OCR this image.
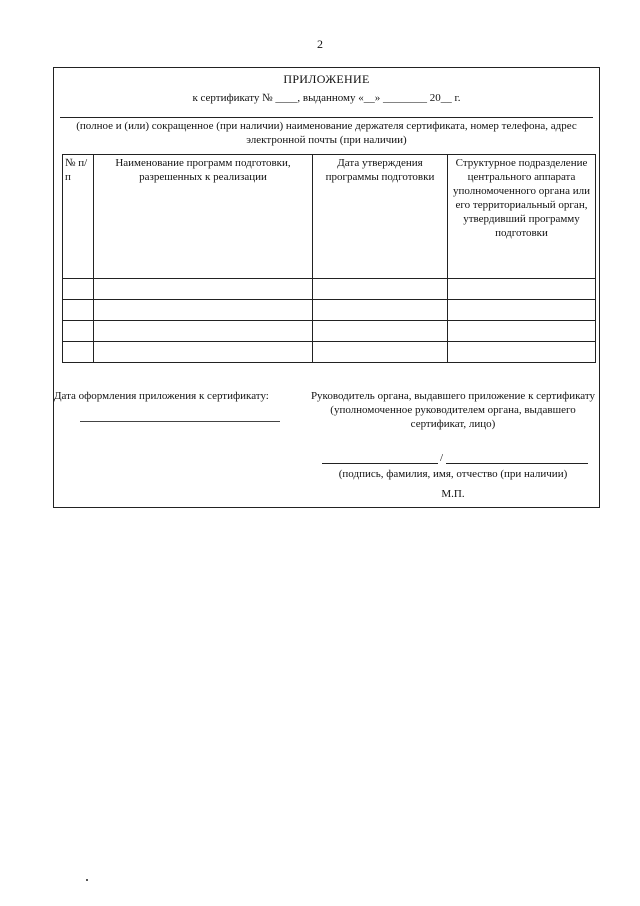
2
ПРИЛОЖЕНИЕ
к сертификату № ____, выданному «__» ________ 20__ г.
(полное и (или) сокращенное (при наличии) наименование держателя сертификата, номер телефона, адрес электронной почты (при наличии)
№ п/п	Наименование программ подготовки, разрешенных к реализации	Дата утверждения программы подготовки	Структурное подразделение центрального аппарата уполномоченного органа или его территориальный орган, утвердивший программу подготовки

Дата оформления приложения к сертификату:	Руководитель органа, выдавшего приложение к сертификату
(уполномоченное руководителем органа, выдавшего сертификат, лицо)
/
(подпись, фамилия, имя, отчество (при наличии)
М.П.
